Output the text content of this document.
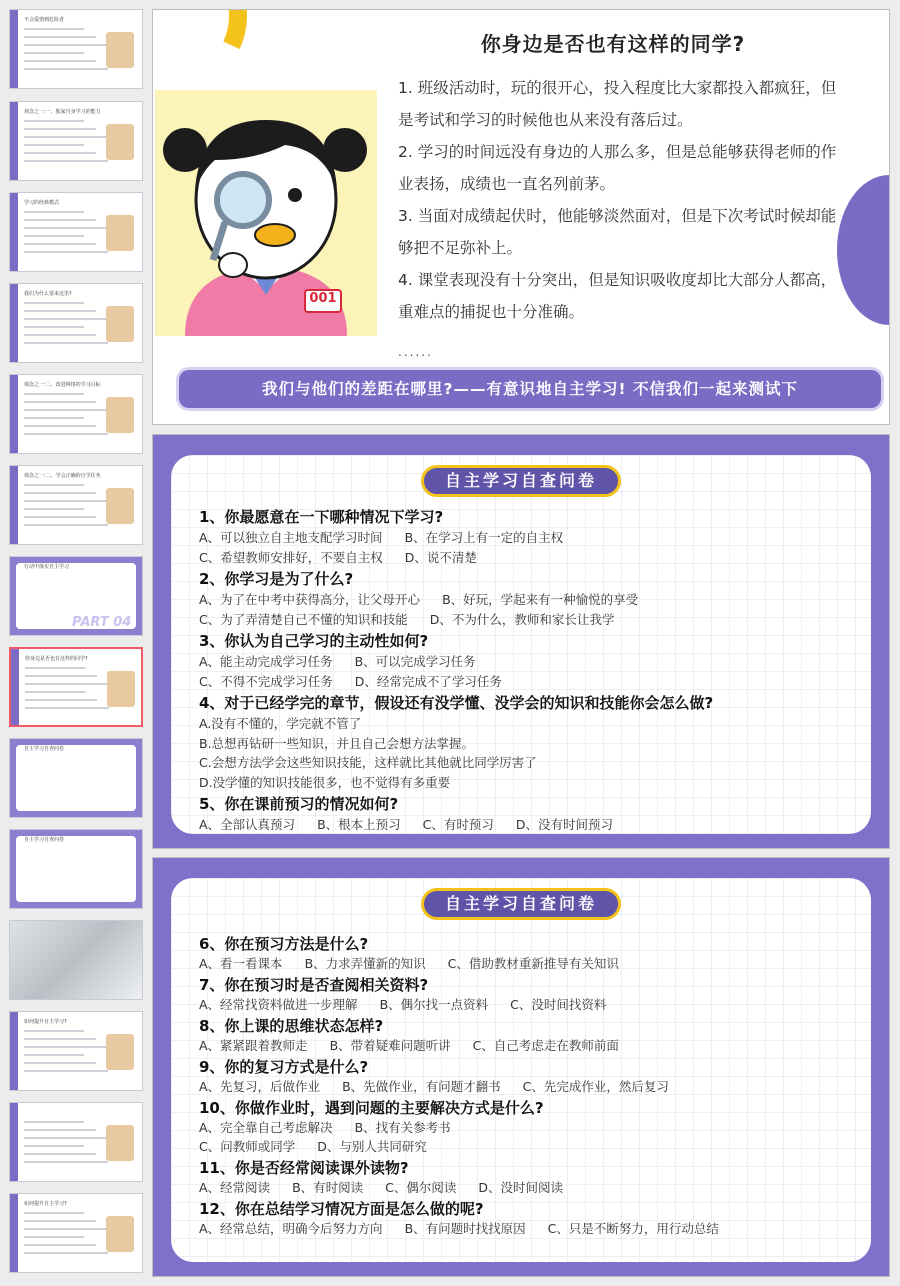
不会爱情到危险者
观念之一:一、独家自身学习的能力
学习的经典模式
我们为什么要来这里?
观念之一:二、改进网络的学习目标
观念之一:二、学会正确的自学任务
行动中落实自主学习
PART 04
你身边是否也有这样的同学?
自主学习自查问卷
自主学习自查问卷
如何提升自主学习?
如何提升自主学习?
001
你身边是否也有这样的同学?

1. 班级活动时，玩的很开心，投入程度比大家都投入都疯狂，但是考试和学习的时候他也从来没有落后过。

2. 学习的时间远没有身边的人那么多，但是总能够获得老师的作业表扬，成绩也一直名列前茅。

3. 当面对成绩起伏时，他能够淡然面对，但是下次考试时候却能够把不足弥补上。

4. 课堂表现没有十分突出，但是知识吸收度却比大部分人都高，重难点的捕捉也十分准确。

......
我们与他们的差距在哪里?——有意识地自主学习! 不信我们一起来测试下
自主学习自查问卷
1、你最愿意在一下哪种情况下学习?
A、可以独立自主地支配学习时间 B、在学习上有一定的自主权
C、希望教师安排好，不要自主权 D、说不清楚
2、你学习是为了什么?
A、为了在中考中获得高分，让父母开心 B、好玩，学起来有一种愉悦的享受
C、为了弄清楚自己不懂的知识和技能 D、不为什么，教师和家长让我学
3、你认为自己学习的主动性如何?
A、能主动完成学习任务 B、可以完成学习任务
C、不得不完成学习任务 D、经常完成不了学习任务
4、对于已经学完的章节，假设还有没学懂、没学会的知识和技能你会怎么做?
A.没有不懂的，学完就不管了
B.总想再钻研一些知识，并且自己会想方法掌握。
C.会想方法学会这些知识技能，这样就比其他就比同学厉害了
D.没学懂的知识技能很多，也不觉得有多重要
5、你在课前预习的情况如何?
A、全部认真预习 B、根本上预习 C、有时预习 D、没有时间预习
自主学习自查问卷
6、你在预习方法是什么?
A、看一看课本 B、力求弄懂新的知识 C、借助教材重新推导有关知识
7、你在预习时是否查阅相关资料?
A、经常找资料做进一步理解 B、偶尔找一点资料 C、没时间找资料
8、你上课的思维状态怎样?
A、紧紧跟着教师走 B、带着疑难问题听讲 C、自己考虑走在教师前面
9、你的复习方式是什么?
A、先复习，后做作业 B、先做作业，有问题才翻书 C、先完成作业，然后复习
10、你做作业时，遇到问题的主要解决方式是什么?
A、完全靠自己考虑解决 B、找有关参考书
C、问教师或同学 D、与别人共同研究
11、你是否经常阅读课外读物?
A、经常阅读 B、有时阅读 C、偶尔阅读 D、没时间阅读
12、你在总结学习情况方面是怎么做的呢?
A、经常总结，明确今后努力方向 B、有问题时找找原因 C、只是不断努力，用行动总结
